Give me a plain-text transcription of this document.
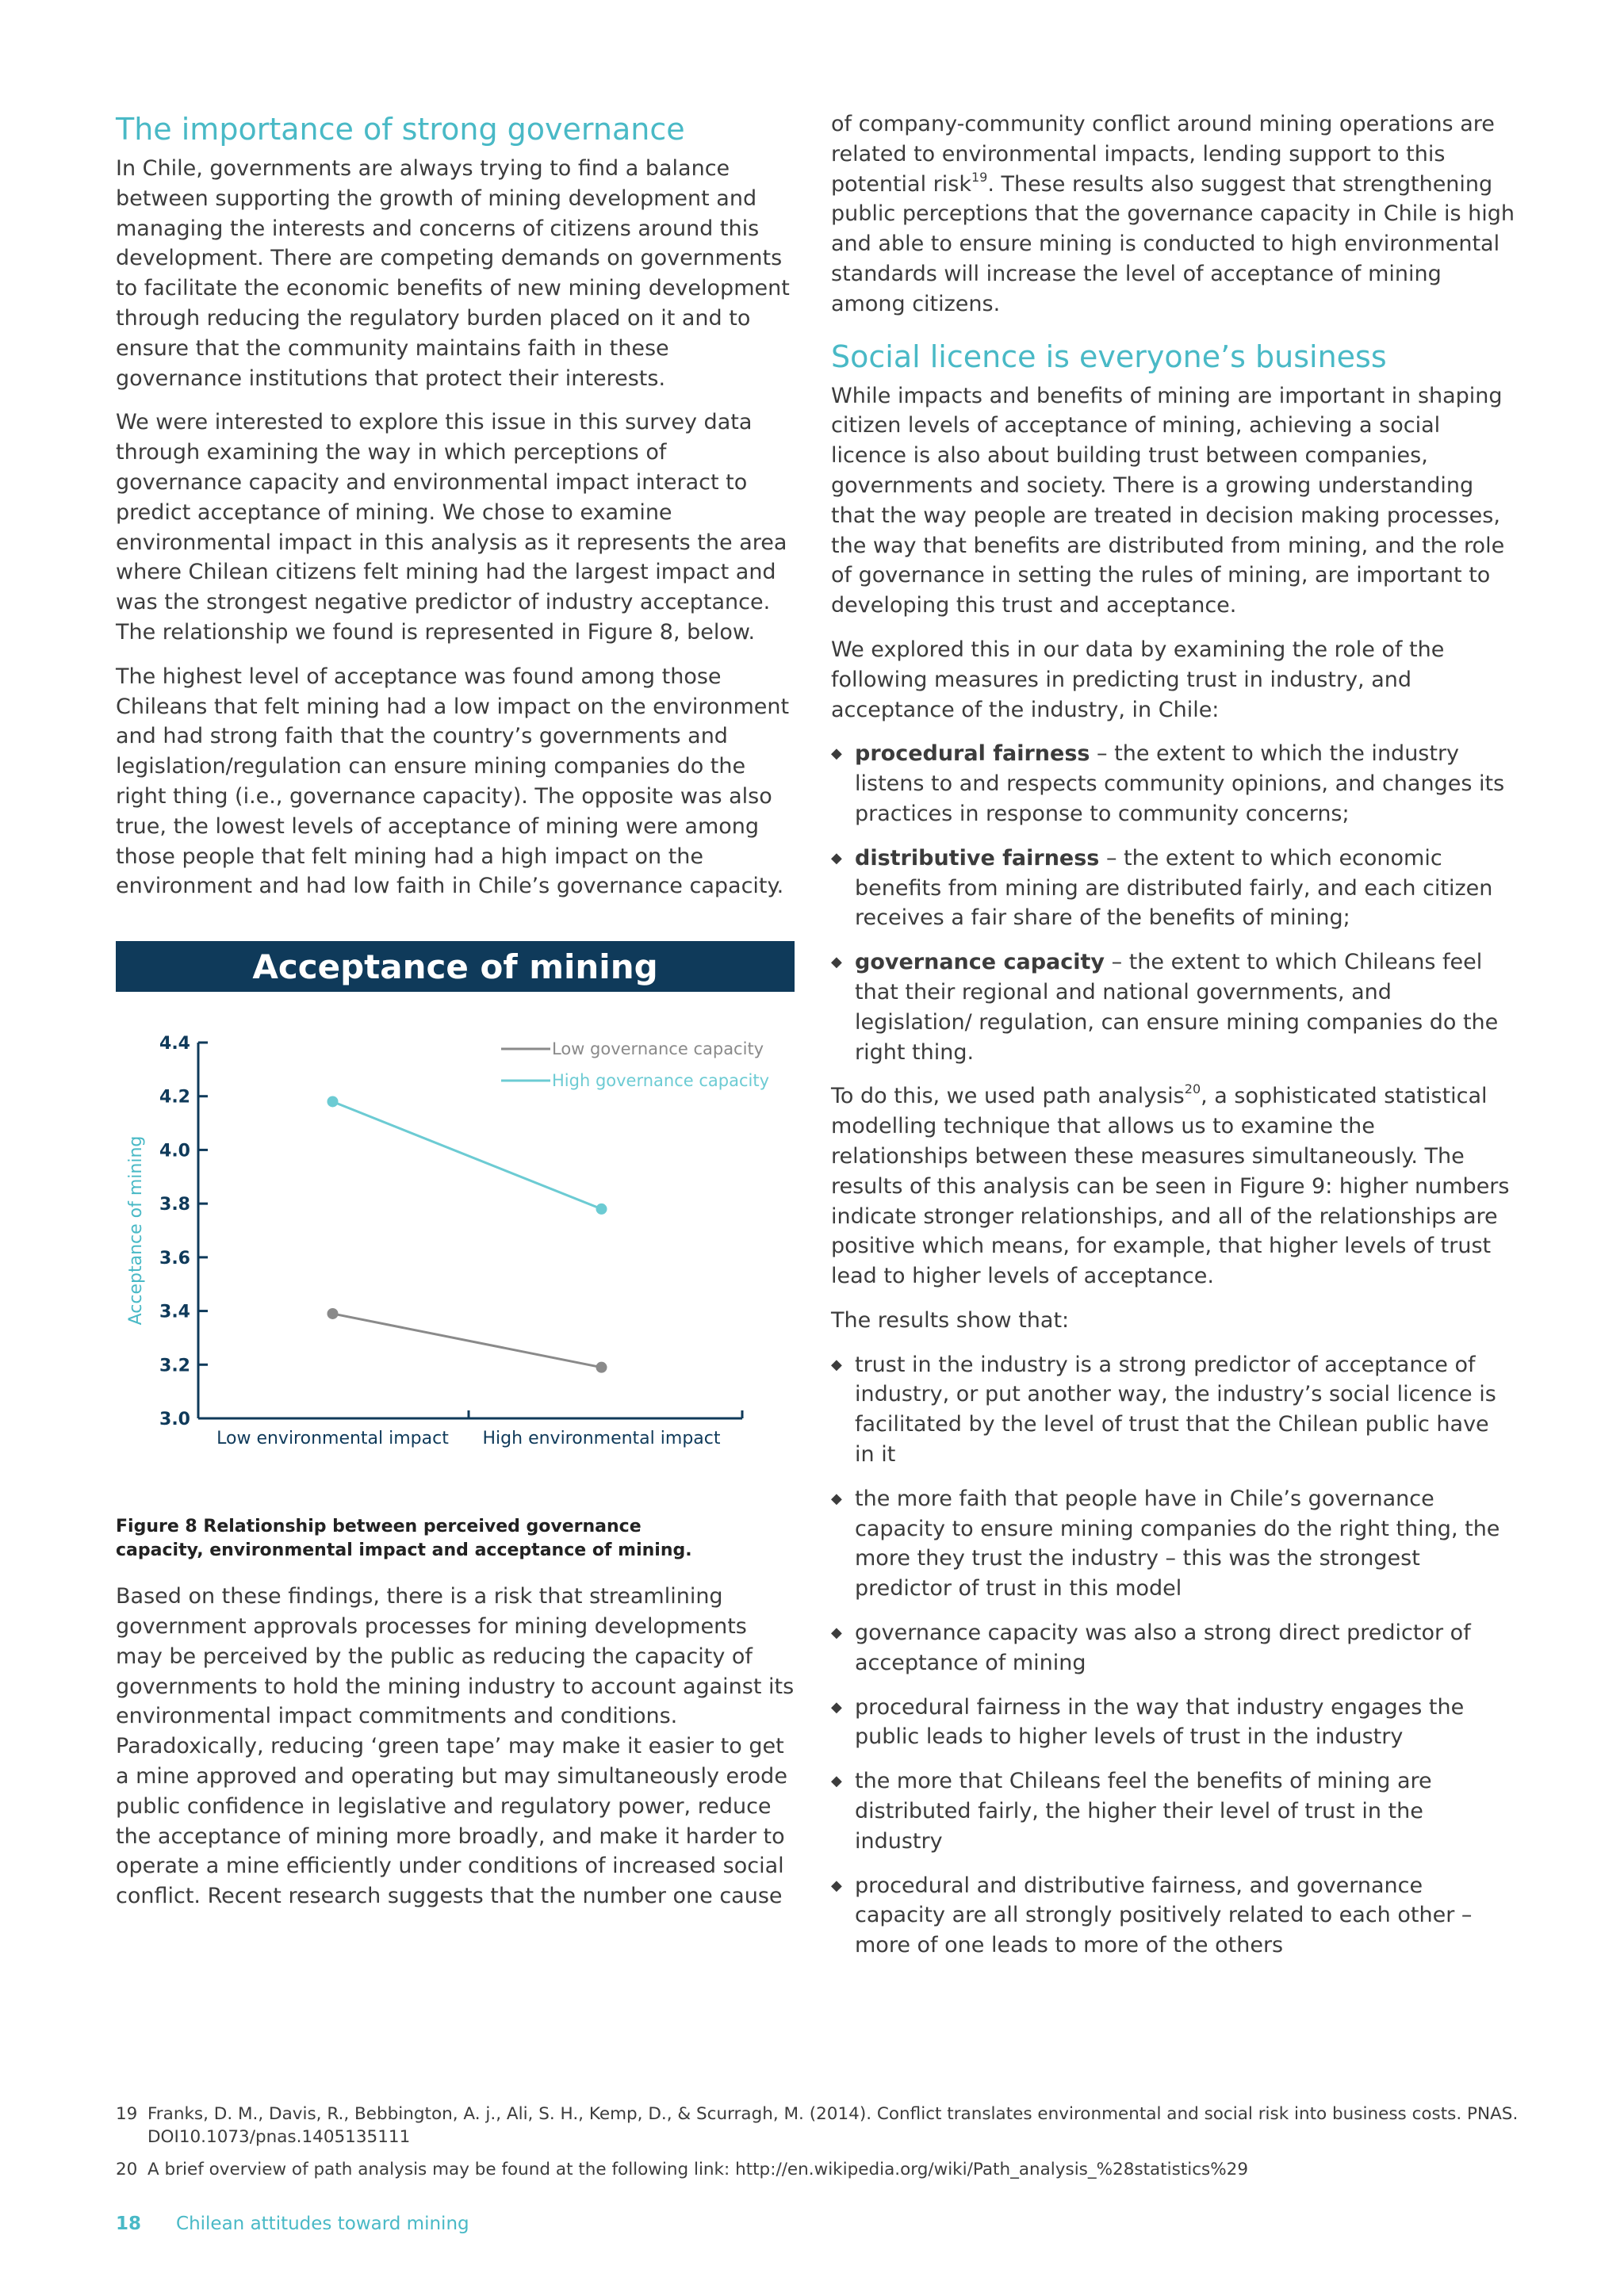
The importance of strong governance

In Chile, governments are always trying to find a balance between supporting the growth of mining development and managing the interests and concerns of citizens around this development. There are competing demands on governments to facilitate the economic benefits of new mining development through reducing the regulatory burden placed on it and to ensure that the community maintains faith in these governance institutions that protect their interests.

We were interested to explore this issue in this survey data through examining the way in which perceptions of governance capacity and environmental impact interact to predict acceptance of mining. We chose to examine environmental impact in this analysis as it represents the area where Chilean citizens felt mining had the largest impact and was the strongest negative predictor of industry acceptance. The relationship we found is represented in Figure 8, below.

The highest level of acceptance was found among those Chileans that felt mining had a low impact on the environment and had strong faith that the country’s governments and legislation/regulation can ensure mining companies do the right thing (i.e., governance capacity). The opposite was also true, the lowest levels of acceptance of mining were among those people that felt mining had a high impact on the environment and had low faith in Chile’s governance capacity.

Acceptance of mining
Acceptance of mining
3.0
3.2
3.4
3.6
3.8
4.0
4.2
4.4
Low environmental impact High environmental impact
Low governance capacity
High governance capacity

Figure 8 Relationship between perceived governance capacity, environmental impact and acceptance of mining.

Based on these findings, there is a risk that streamlining government approvals processes for mining developments may be perceived by the public as reducing the capacity of governments to hold the mining industry to account against its environmental impact commitments and conditions. Paradoxically, reducing ‘green tape’ may make it easier to get a mine approved and operating but may simultaneously erode public confidence in legislative and regulatory power, reduce the acceptance of mining more broadly, and make it harder to operate a mine efficiently under conditions of increased social conflict. Recent research suggests that the number one cause

of company-community conflict around mining operations are related to environmental impacts, lending support to this potential risk$^{19}$. These results also suggest that strengthening public perceptions that the governance capacity in Chile is high and able to ensure mining is conducted to high environmental standards will increase the level of acceptance of mining among citizens.

Social licence is everyone’s business

While impacts and benefits of mining are important in shaping citizen levels of acceptance of mining, achieving a social licence is also about building trust between companies, governments and society. There is a growing understanding that the way people are treated in decision making processes, the way that benefits are distributed from mining, and the role of governance in setting the rules of mining, are important to developing this trust and acceptance.

We explored this in our data by examining the role of the following measures in predicting trust in industry, and acceptance of the industry, in Chile:

◆ procedural fairness – the extent to which the industry listens to and respects community opinions, and changes its practices in response to community concerns;
◆ distributive fairness – the extent to which economic benefits from mining are distributed fairly, and each citizen receives a fair share of the benefits of mining;
◆ governance capacity – the extent to which Chileans feel that their regional and national governments, and legislation/ regulation, can ensure mining companies do the right thing.

To do this, we used path analysis$^{20}$, a sophisticated statistical modelling technique that allows us to examine the relationships between these measures simultaneously. The results of this analysis can be seen in Figure 9: higher numbers indicate stronger relationships, and all of the relationships are positive which means, for example, that higher levels of trust lead to higher levels of acceptance.

The results show that:

◆ trust in the industry is a strong predictor of acceptance of industry, or put another way, the industry’s social licence is facilitated by the level of trust that the Chilean public have in it
◆ the more faith that people have in Chile’s governance capacity to ensure mining companies do the right thing, the more they trust the industry – this was the strongest predictor of trust in this model
◆ governance capacity was also a strong direct predictor of acceptance of mining
◆ procedural fairness in the way that industry engages the public leads to higher levels of trust in the industry
◆ the more that Chileans feel the benefits of mining are distributed fairly, the higher their level of trust in the industry
◆ procedural and distributive fairness, and governance capacity are all strongly positively related to each other – more of one leads to more of the others

19 Franks, D. M., Davis, R., Bebbington, A. j., Ali, S. H., Kemp, D., & Scurragh, M. (2014). Conflict translates environmental and social risk into business costs. PNAS. DOI10.1073/pnas.1405135111

20 A brief overview of path analysis may be found at the following link: http://en.wikipedia.org/wiki/Path_analysis_%28statistics%29

18 Chilean attitudes toward mining
